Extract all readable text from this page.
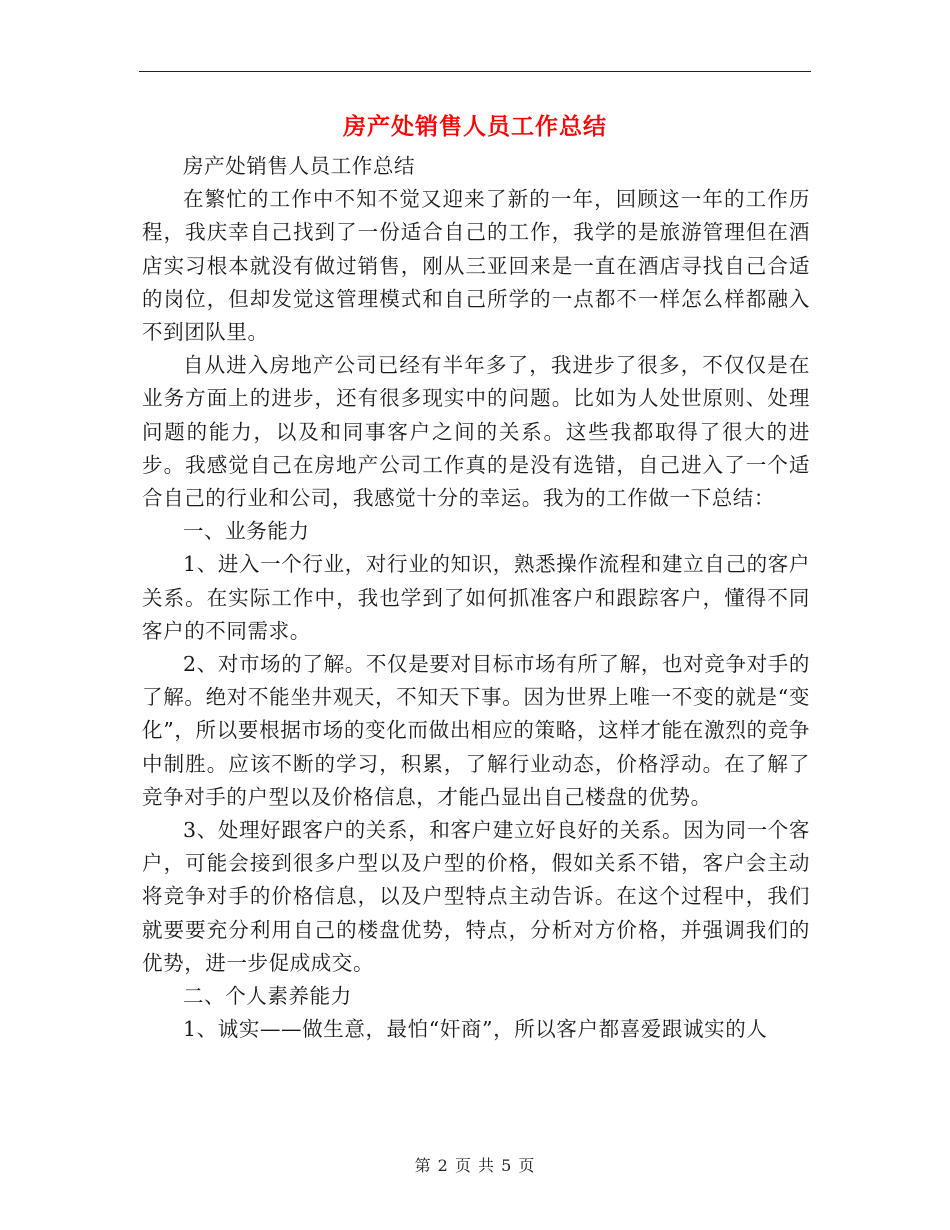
房产处销售人员工作总结

房产处销售人员工作总结

在繁忙的工作中不知不觉又迎来了新的一年，回顾这一年的工作历程，我庆幸自己找到了一份适合自己的工作，我学的是旅游管理但在酒店实习根本就没有做过销售，刚从三亚回来是一直在酒店寻找自己合适的岗位，但却发觉这管理模式和自己所学的一点都不一样怎么样都融入不到团队里。

自从进入房地产公司已经有半年多了，我进步了很多，不仅仅是在业务方面上的进步，还有很多现实中的问题。比如为人处世原则、处理问题的能力，以及和同事客户之间的关系。这些我都取得了很大的进步。我感觉自己在房地产公司工作真的是没有选错，自己进入了一个适合自己的行业和公司，我感觉十分的幸运。我为的工作做一下总结：

一、业务能力

1、进入一个行业，对行业的知识，熟悉操作流程和建立自己的客户关系。在实际工作中，我也学到了如何抓准客户和跟踪客户，懂得不同客户的不同需求。

2、对市场的了解。不仅是要对目标市场有所了解，也对竞争对手的了解。绝对不能坐井观天，不知天下事。因为世界上唯一不变的就是“变化”，所以要根据市场的变化而做出相应的策略，这样才能在激烈的竞争中制胜。应该不断的学习，积累，了解行业动态，价格浮动。在了解了竞争对手的户型以及价格信息，才能凸显出自己楼盘的优势。

3、处理好跟客户的关系，和客户建立好良好的关系。因为同一个客户，可能会接到很多户型以及户型的价格，假如关系不错，客户会主动将竞争对手的价格信息，以及户型特点主动告诉。在这个过程中，我们就要要充分利用自己的楼盘优势，特点，分析对方价格，并强调我们的优势，进一步促成成交。

二、个人素养能力

1、诚实——做生意，最怕“奸商”，所以客户都喜爱跟诚实的人

第 2 页 共 5 页
